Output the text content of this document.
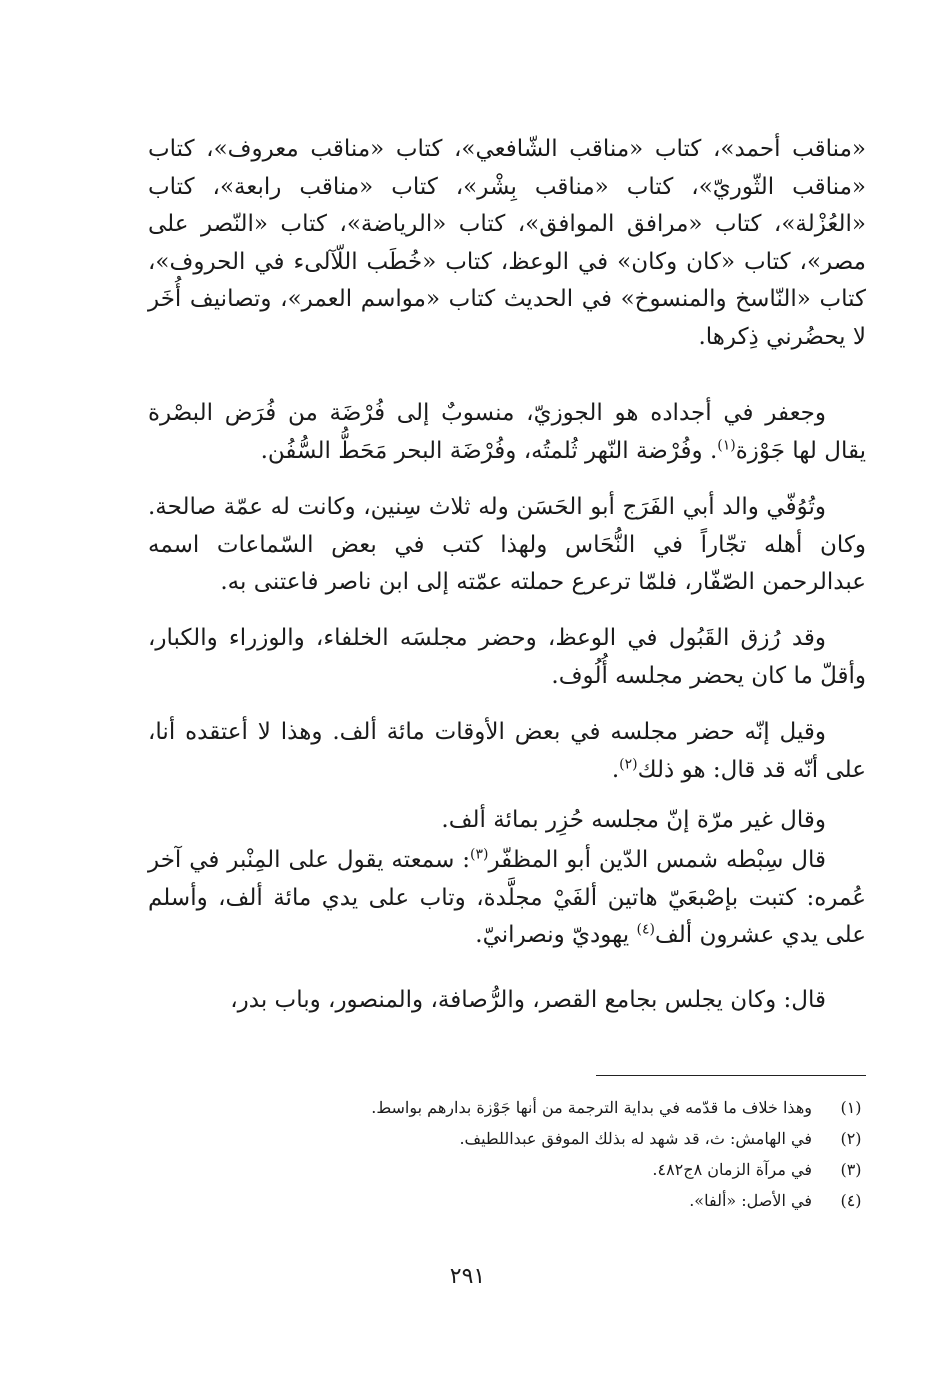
«مناقب أحمد»، كتاب «مناقب الشّافعي»، كتاب «مناقب معروف»، كتاب «مناقب الثّوريّ»، كتاب «مناقب بِشْر»، كتاب «مناقب رابعة»، كتاب «العُزْلة»، كتاب «مرافق الموافق»، كتاب «الرياضة»، كتاب «النّصر على مصر»، كتاب «كان وكان» في الوعظ، كتاب «خُطَب اللّآلىء في الحروف»، كتاب «النّاسخ والمنسوخ» في الحديث كتاب «مواسم العمر»، وتصانيف أُخَر لا يحضُرني ذِكرها.

وجعفر في أجداده هو الجوزيّ، منسوبٌ إلى فُرْضَة من فُرَض البصْرة يقال لها جَوْزة$^{(١)}$. وفُرْضة النّهر ثُلمتُه، وفُرْضَة البحر مَحَطُّ السُّفُن.

وتُوُفّي والد أبي الفَرَج أبو الحَسَن وله ثلاث سِنين، وكانت له عمّة صالحة. وكان أهله تجّاراً في النُّحَاس ولهذا كتب في بعض السّماعات اسمه عبدالرحمن الصّفّار، فلمّا ترعرع حملته عمّته إلى ابن ناصر فاعتنى به.

وقد رُزق القَبُول في الوعظ، وحضر مجلسَه الخلفاء، والوزراء والكبار، وأقلّ ما كان يحضر مجلسه أُلُوف.

وقيل إنّه حضر مجلسه في بعض الأوقات مائة ألف. وهذا لا أعتقده أنا، على أنّه قد قال: هو ذلك$^{(٢)}$.

وقال غير مرّة إنّ مجلسه حُزِر بمائة ألف.

قال سِبْطه شمس الدّين أبو المظفّر$^{(٣)}$: سمعته يقول على المِنْبر في آخر عُمره: كتبت بإصْبعَيّ هاتين ألفَيْ مجلَّدة، وتاب على يدي مائة ألف، وأسلم على يدي عشرون ألف$^{(٤)}$ يهوديّ ونصرانيّ.

قال: وكان يجلس بجامع القصر، والرُّصافة، والمنصور، وباب بدر،

(١)
وهذا خلاف ما قدّمه في بداية الترجمة من أنها جَوْزة بدارهم بواسط.
(٢)
في الهامش: ث، قد شهد له بذلك الموفق عبداللطيف.
(٣)
في مرآة الزمان ٨ج٤٨٢.
(٤)
في الأصل: «ألفا».
٢٩١
